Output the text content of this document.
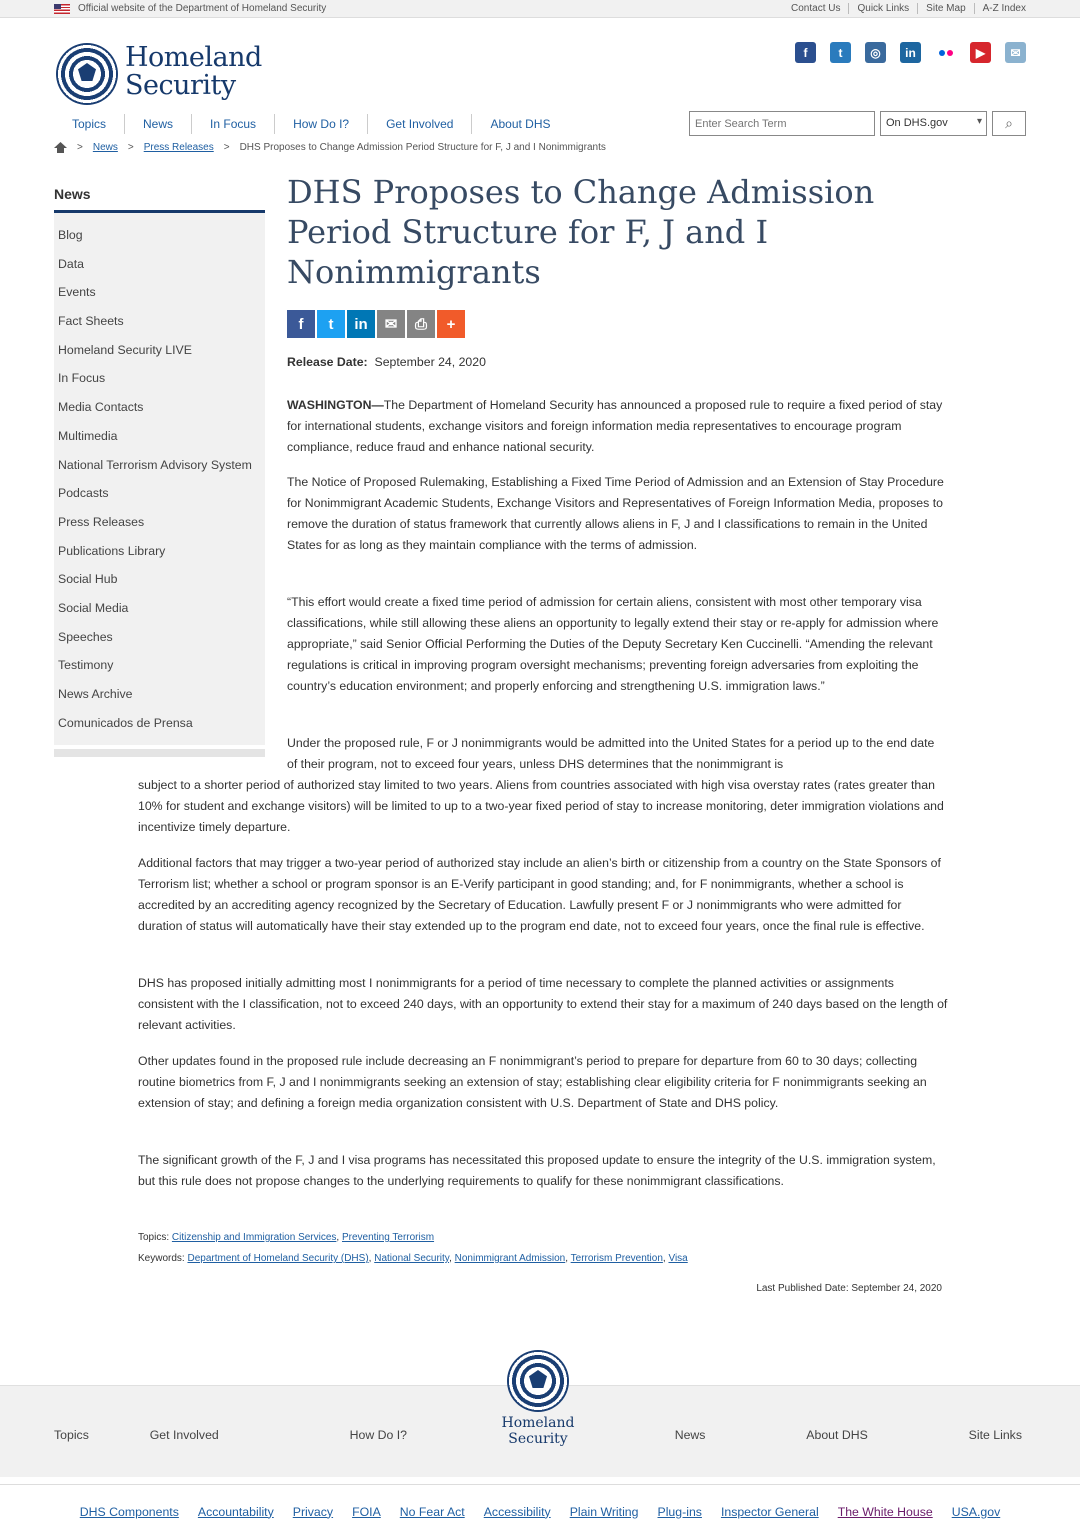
Official website of the Department of Homeland Security	Contact Us	Quick Links	Site Map	A-Z Index
Homeland
Security
f	t	◎	in	▶	✉
Topics	News	In Focus	How Do I?	Get Involved	About DHS
Enter Search Term	On DHS.gov ▾	⌕
> News > Press Releases > DHS Proposes to Change Admission Period Structure for F, J and I Nonimmigrants
News
Blog
Data
Events
Fact Sheets
Homeland Security LIVE
In Focus
Media Contacts
Multimedia
National Terrorism Advisory System
Podcasts
Press Releases
Publications Library
Social Hub
Social Media
Speeches
Testimony
News Archive
Comunicados de Prensa
DHS Proposes to Change Admission Period Structure for F, J and I Nonimmigrants
f	t	in	✉	⎙	+
Release Date: September 24, 2020

WASHINGTON—The Department of Homeland Security has announced a proposed rule to require a fixed period of stay for international students, exchange visitors and foreign information media representatives to encourage program compliance, reduce fraud and enhance national security.

The Notice of Proposed Rulemaking, Establishing a Fixed Time Period of Admission and an Extension of Stay Procedure for Nonimmigrant Academic Students, Exchange Visitors and Representatives of Foreign Information Media, proposes to remove the duration of status framework that currently allows aliens in F, J and I classifications to remain in the United States for as long as they maintain compliance with the terms of admission.

“This effort would create a fixed time period of admission for certain aliens, consistent with most other temporary visa classifications, while still allowing these aliens an opportunity to legally extend their stay or re-apply for admission where appropriate,” said Senior Official Performing the Duties of the Deputy Secretary Ken Cuccinelli. “Amending the relevant regulations is critical in improving program oversight mechanisms; preventing foreign adversaries from exploiting the country’s education environment; and properly enforcing and strengthening U.S. immigration laws.”

Under the proposed rule, F or J nonimmigrants would be admitted into the United States for a period up to the end date of their program, not to exceed four years, unless DHS determines that the nonimmigrant is

subject to a shorter period of authorized stay limited to two years. Aliens from countries associated with high visa overstay rates (rates greater than 10% for student and exchange visitors) will be limited to up to a two-year fixed period of stay to increase monitoring, deter immigration violations and incentivize timely departure.

Additional factors that may trigger a two-year period of authorized stay include an alien’s birth or citizenship from a country on the State Sponsors of Terrorism list; whether a school or program sponsor is an E-Verify participant in good standing; and, for F nonimmigrants, whether a school is accredited by an accrediting agency recognized by the Secretary of Education. Lawfully present F or J nonimmigrants who were admitted for duration of status will automatically have their stay extended up to the program end date, not to exceed four years, once the final rule is effective.

DHS has proposed initially admitting most I nonimmigrants for a period of time necessary to complete the planned activities or assignments consistent with the I classification, not to exceed 240 days, with an opportunity to extend their stay for a maximum of 240 days based on the length of relevant activities.

Other updates found in the proposed rule include decreasing an F nonimmigrant’s period to prepare for departure from 60 to 30 days; collecting routine biometrics from F, J and I nonimmigrants seeking an extension of stay; establishing clear eligibility criteria for F nonimmigrants seeking an extension of stay; and defining a foreign media organization consistent with U.S. Department of State and DHS policy.

The significant growth of the F, J and I visa programs has necessitated this proposed update to ensure the integrity of the U.S. immigration system, but this rule does not propose changes to the underlying requirements to qualify for these nonimmigrant classifications.

Topics: Citizenship and Immigration Services, Preventing Terrorism
Keywords: Department of Homeland Security (DHS), National Security, Nonimmigrant Admission, Terrorism Prevention, Visa
Last Published Date: September 24, 2020
Topics	Get Involved	How Do I?	News	About DHS	Site Links
Homeland
Security
DHS Components Accountability Privacy FOIA No Fear Act Accessibility Plain Writing Plug-ins Inspector General The White House USA.gov
